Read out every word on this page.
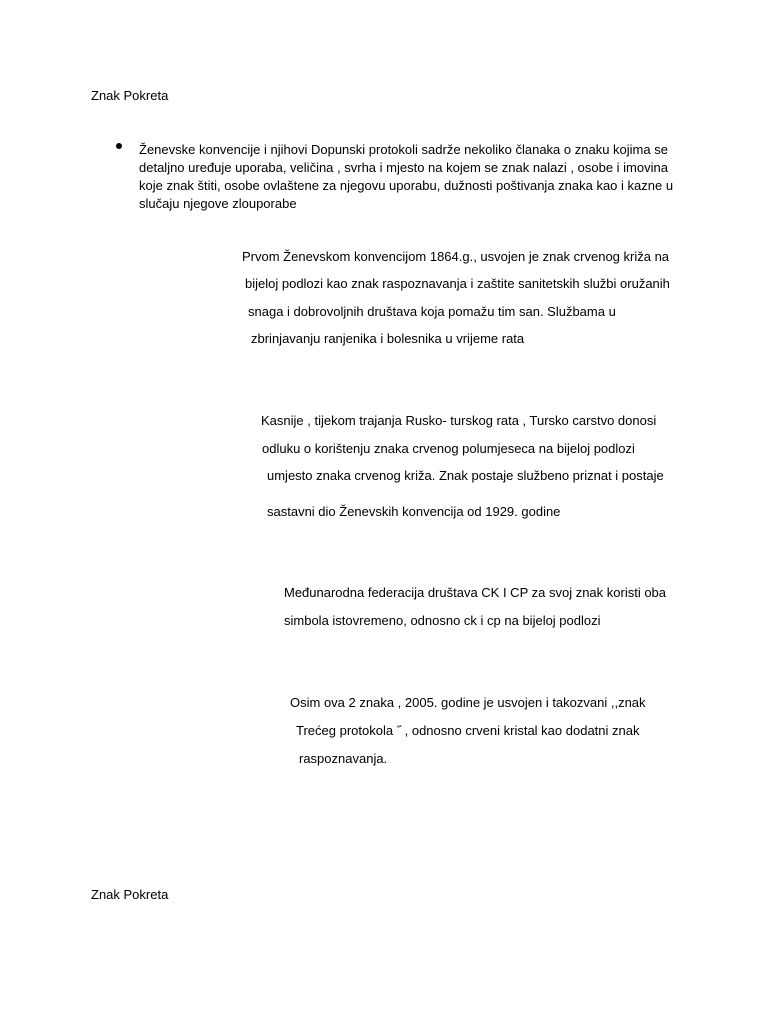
Znak Pokreta
Ženevske konvencije i njihovi Dopunski protokoli sadrže nekoliko članaka o znaku kojima se
detaljno uređuje uporaba, veličina , svrha i mjesto na kojem se znak nalazi , osobe i imovina
koje znak štiti, osobe ovlaštene za njegovu uporabu, dužnosti poštivanja znaka kao i kazne u
slučaju njegove zlouporabe
Prvom Ženevskom konvencijom 1864.g., usvojen je znak crvenog križa na
bijeloj podlozi kao znak raspoznavanja i zaštite sanitetskih službi oružanih
snaga i dobrovoljnih društava koja pomažu tim san. Službama u
zbrinjavanju ranjenika i bolesnika u vrijeme rata
Kasnije , tijekom trajanja Rusko- turskog rata , Tursko carstvo donosi
odluku o korištenju znaka crvenog polumjeseca na bijeloj podlozi
umjesto znaka crvenog križa. Znak postaje službeno priznat i postaje
sastavni dio Ženevskih konvencija od 1929. godine
Međunarodna federacija društava CK I CP za svoj znak koristi oba
simbola istovremeno, odnosno ck i cp na bijeloj podlozi
Osim ova 2 znaka , 2005. godine je usvojen i takozvani ,,znak
Trećeg protokola ˝ , odnosno crveni kristal kao dodatni znak
raspoznavanja.
Znak Pokreta
